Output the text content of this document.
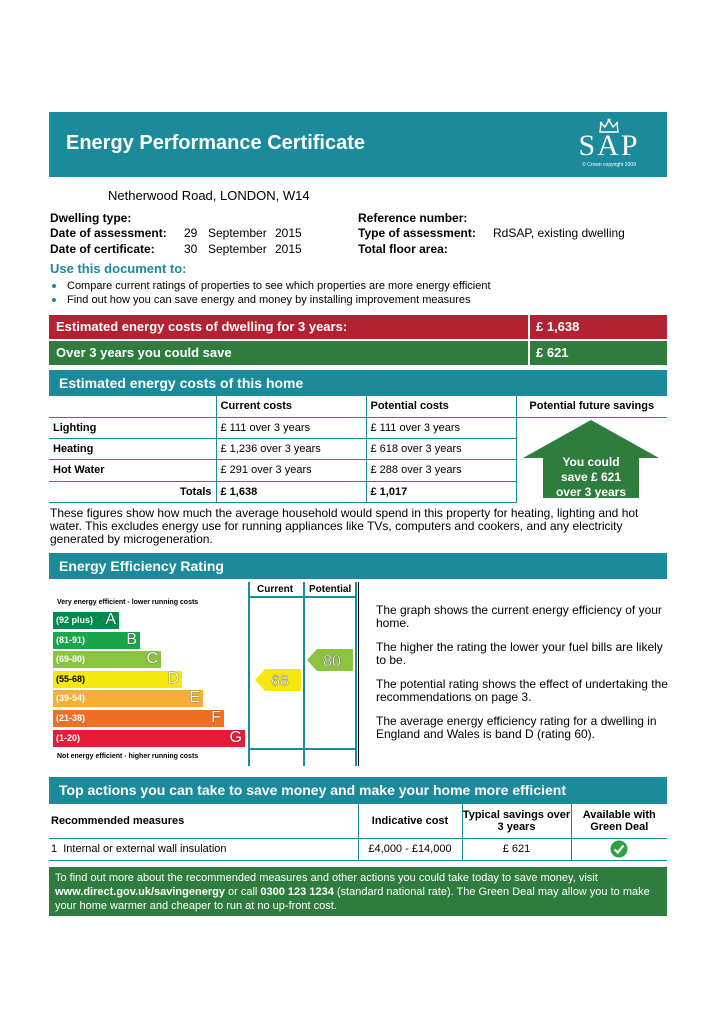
Energy Performance Certificate	SAP
© Crown copyright 2009
Netherwood Road, LONDON, W14
Dwelling type:
Date of assessment: 29 September 2015
Date of certificate: 30 September 2015
Reference number:
Type of assessment: RdSAP, existing dwelling
Total floor area:
Use this document to:
Compare current ratings of properties to see which properties are more energy efficient
Find out how you can save energy and money by installing improvement measures
Estimated energy costs of dwelling for 3 years:	£ 1,638
Over 3 years you could save	£ 621
Estimated energy costs of this home
	Current costs	Potential costs	Potential future savings
Lighting	£ 111 over 3 years	£ 111 over 3 years	You could
save £ 621
over 3 years

Heating	£ 1,236 over 3 years	£ 618 over 3 years	
Hot Water	£ 291 over 3 years	£ 288 over 3 years	
Totals	£ 1,638	£ 1,017	
These figures show how much the average household would spend in this property for heating, lighting and hot water. This excludes energy use for running appliances like TVs, computers and cookers, and any electricity generated by microgeneration.
Energy Efficiency Rating
Current Potential
Very energy efficient - lower running costs
(92 plus) A
(81-91)	B
(69-80)	C
(55-68)	D
(39-54)	E
(21-38)	F
(1-20)	G
Not energy efficient - higher running costs
68
80

The graph shows the current energy efficiency of your home.

The higher the rating the lower your fuel bills are likely to be.

The potential rating shows the effect of undertaking the recommendations on page 3.

The average energy efficiency rating for a dwelling in England and Wales is band D (rating 60).

Top actions you can take to save money and make your home more efficient
Recommended measures	Indicative cost	Typical savings over 3 years	Available with Green Deal
1 Internal or external wall insulation	£4,000 - £14,000	£ 621	
To find out more about the recommended measures and other actions you could take today to save money, visit www.direct.gov.uk/savingenergy or call 0300 123 1234 (standard national rate). The Green Deal may allow you to make your home warmer and cheaper to run at no up-front cost.
